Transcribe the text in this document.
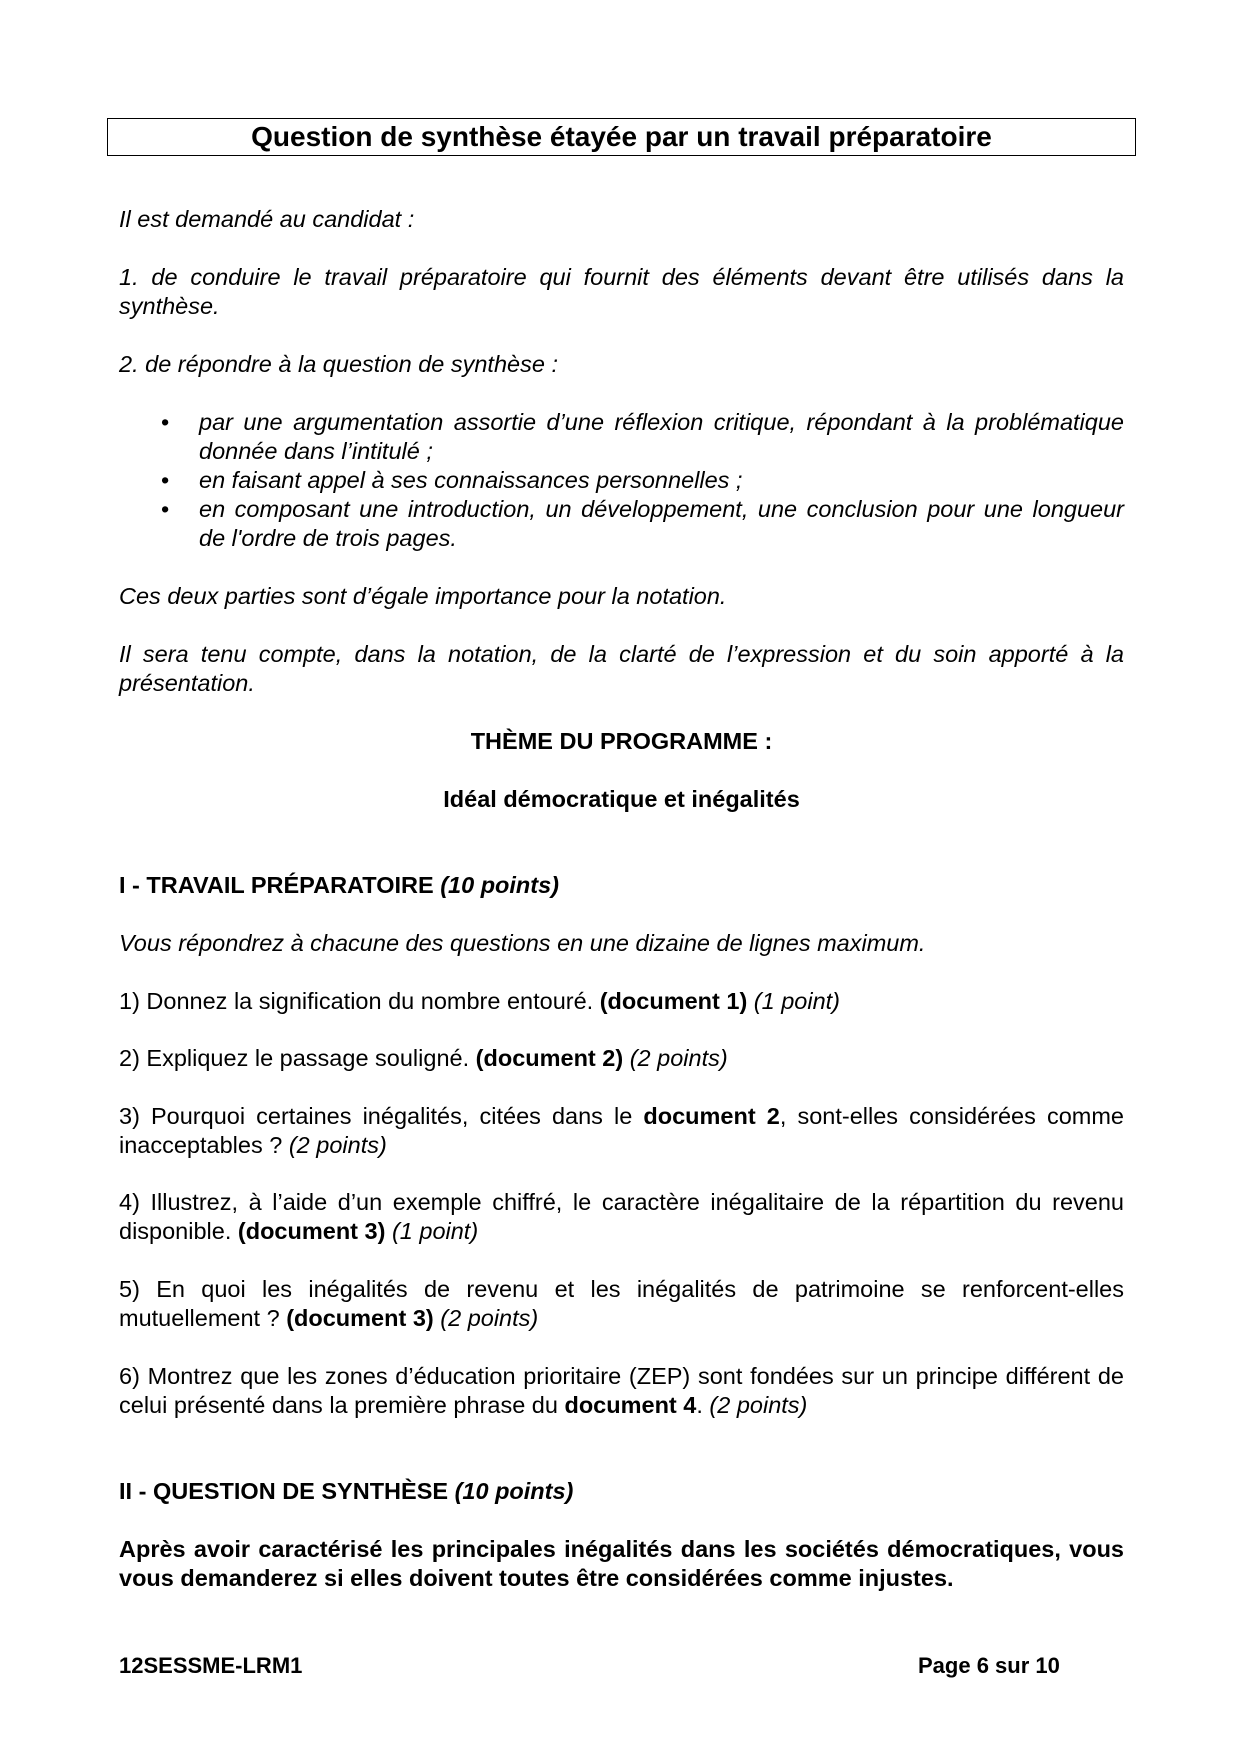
Question de synthèse étayée par un travail préparatoire
Il est demandé au candidat :
1. de conduire le travail préparatoire qui fournit des éléments devant être utilisés dans la synthèse.
2. de répondre à la question de synthèse :
• par une argumentation assortie d’une réflexion critique, répondant à la problématique donnée dans l’intitulé ;
• en faisant appel à ses connaissances personnelles ;
• en composant une introduction, un développement, une conclusion pour une longueur de l'ordre de trois pages.
Ces deux parties sont d’égale importance pour la notation.
Il sera tenu compte, dans la notation, de la clarté de l’expression et du soin apporté à la présentation.
THÈME DU PROGRAMME :
Idéal démocratique et inégalités
I - TRAVAIL PRÉPARATOIRE (10 points)
Vous répondrez à chacune des questions en une dizaine de lignes maximum.
1) Donnez la signification du nombre entouré. (document 1) (1 point)
2) Expliquez le passage souligné. (document 2) (2 points)
3) Pourquoi certaines inégalités, citées dans le document 2, sont-elles considérées comme inacceptables ? (2 points)
4) Illustrez, à l’aide d’un exemple chiffré, le caractère inégalitaire de la répartition du revenu disponible. (document 3) (1 point)
5) En quoi les inégalités de revenu et les inégalités de patrimoine se renforcent-elles mutuellement ? (document 3) (2 points)
6) Montrez que les zones d’éducation prioritaire (ZEP) sont fondées sur un principe différent de celui présenté dans la première phrase du document 4. (2 points)
II - QUESTION DE SYNTHÈSE (10 points)
Après avoir caractérisé les principales inégalités dans les sociétés démocratiques, vous vous demanderez si elles doivent toutes être considérées comme injustes.
12SESSME-LRM1	Page 6 sur 10
